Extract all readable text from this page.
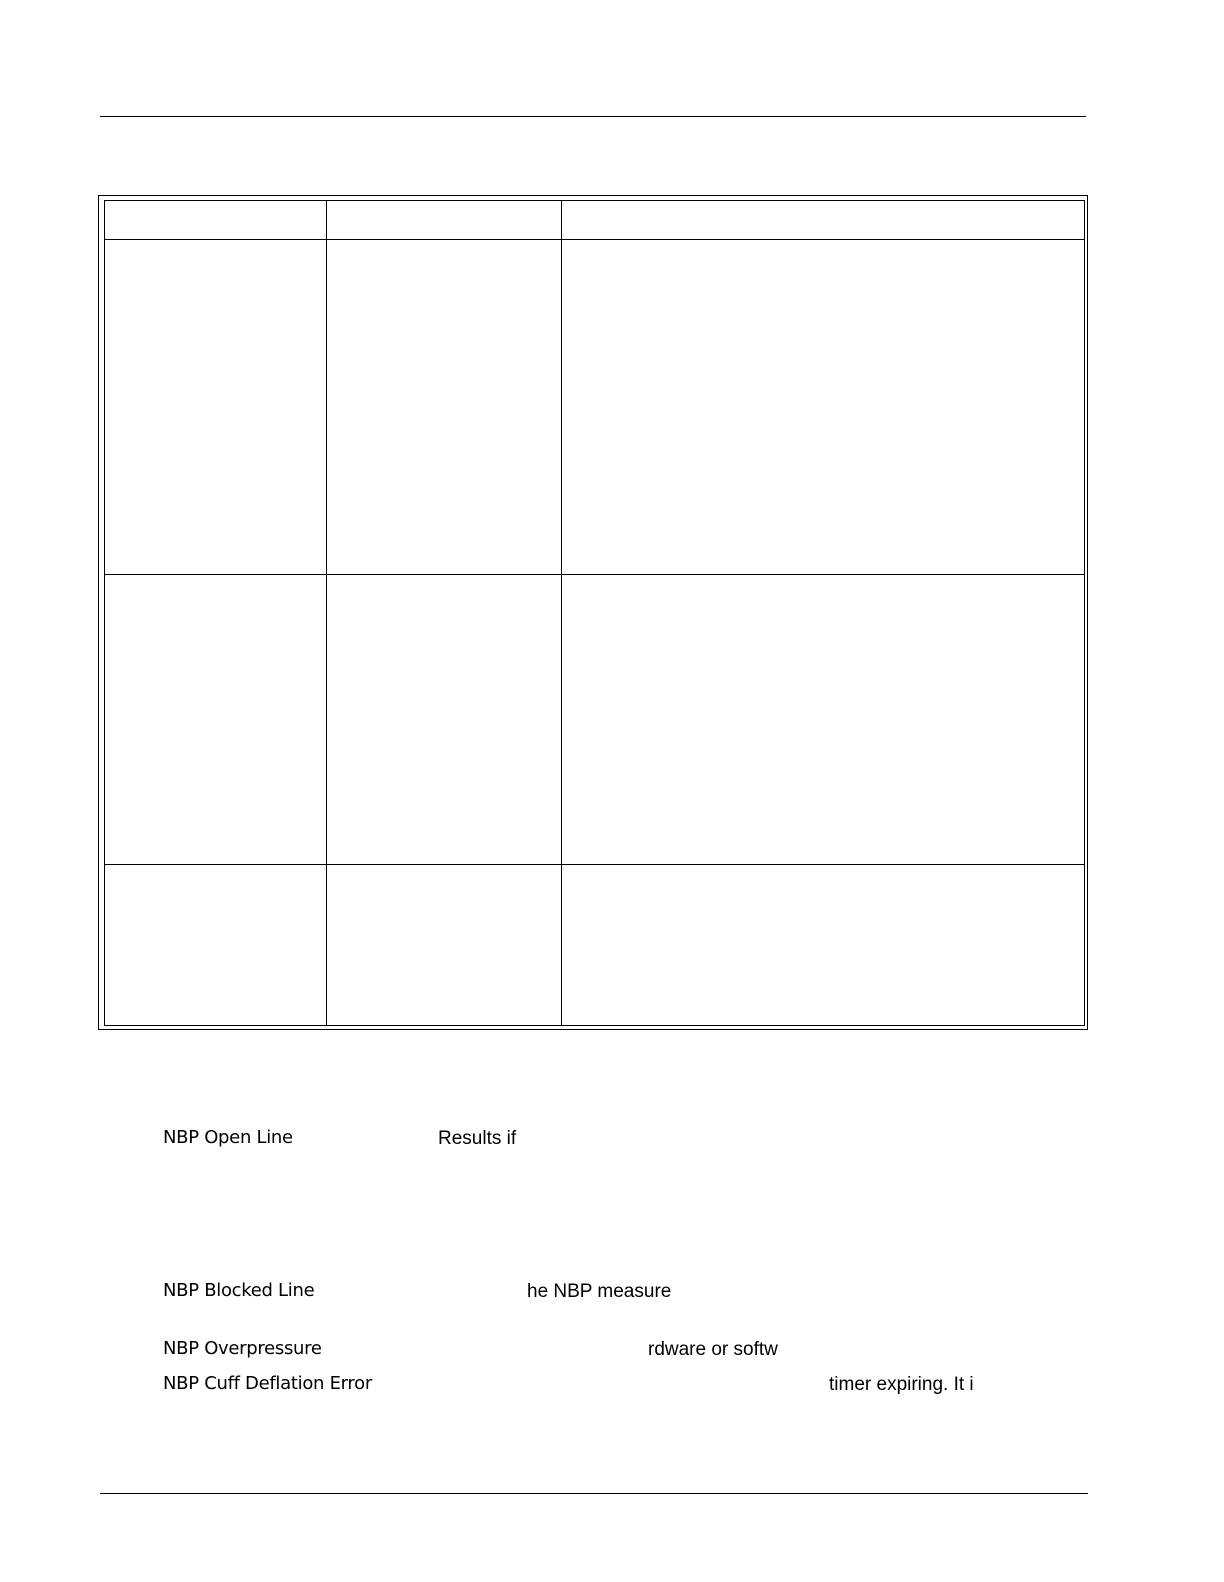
NBP Open Line	Results if
NBP Blocked Line	he NBP measure
NBP Overpressure	rdware or softw
NBP Cuff Deflation Error	timer expiring. It i
